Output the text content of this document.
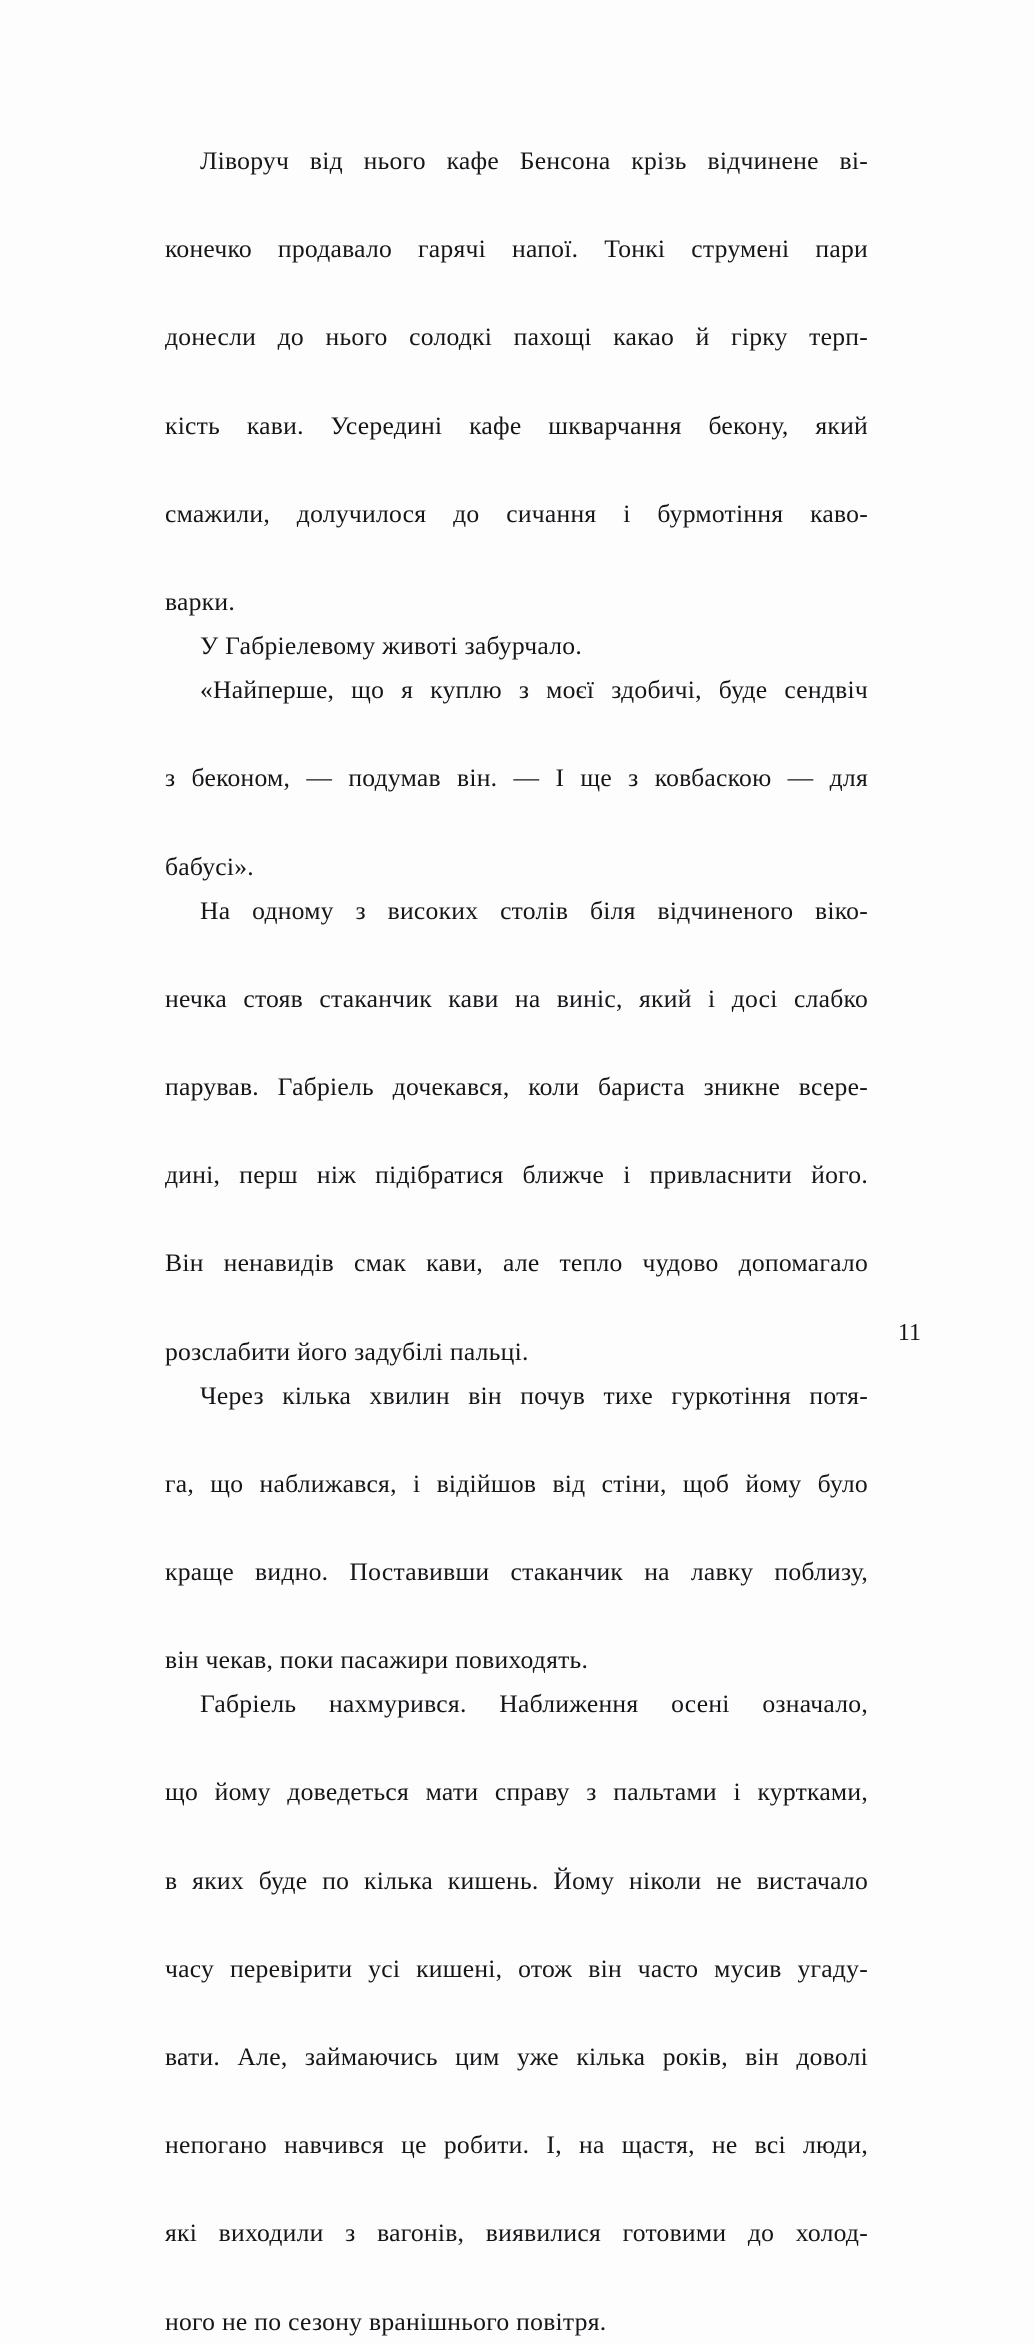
Ліворуч від нього кафе Бенсона крізь відчинене ві-
конечко продавало гарячі напої. Тонкі струмені пари
донесли до нього солодкі пахощі какао й гірку терп-
кість кави. Усередині кафе шкварчання бекону, який
смажили, долучилося до сичання і бурмотіння каво-
варки.

У Габріелевому животі забурчало.

«Найперше, що я куплю з моєї здобичі, буде сендвіч
з беконом, — подумав він. — І ще з ковбаскою — для
бабусі».

На одному з високих столів біля відчиненого віко-
нечка стояв стаканчик кави на виніс, який і досі слабко
парував. Габріель дочекався, коли бариста зникне всере-
дині, перш ніж підібратися ближче і привласнити його.
Він ненавидів смак кави, але тепло чудово допомагало
розслабити його задубілі пальці.

Через кілька хвилин він почув тихе гуркотіння потя-
га, що наближався, і відійшов від стіни, щоб йому було
краще видно. Поставивши стаканчик на лавку поблизу,
він чекав, поки пасажири повиходять.

Габріель нахмурився. Наближення осені означало,
що йому доведеться мати справу з пальтами і куртками,
в яких буде по кілька кишень. Йому ніколи не вистачало
часу перевірити усі кишені, отож він часто мусив угаду-
вати. Але, займаючись цим уже кілька років, він доволі
непогано навчився це робити. І, на щастя, не всі люди,
які виходили з вагонів, виявилися готовими до холод-
ного не по сезону вранішнього повітря.

11
